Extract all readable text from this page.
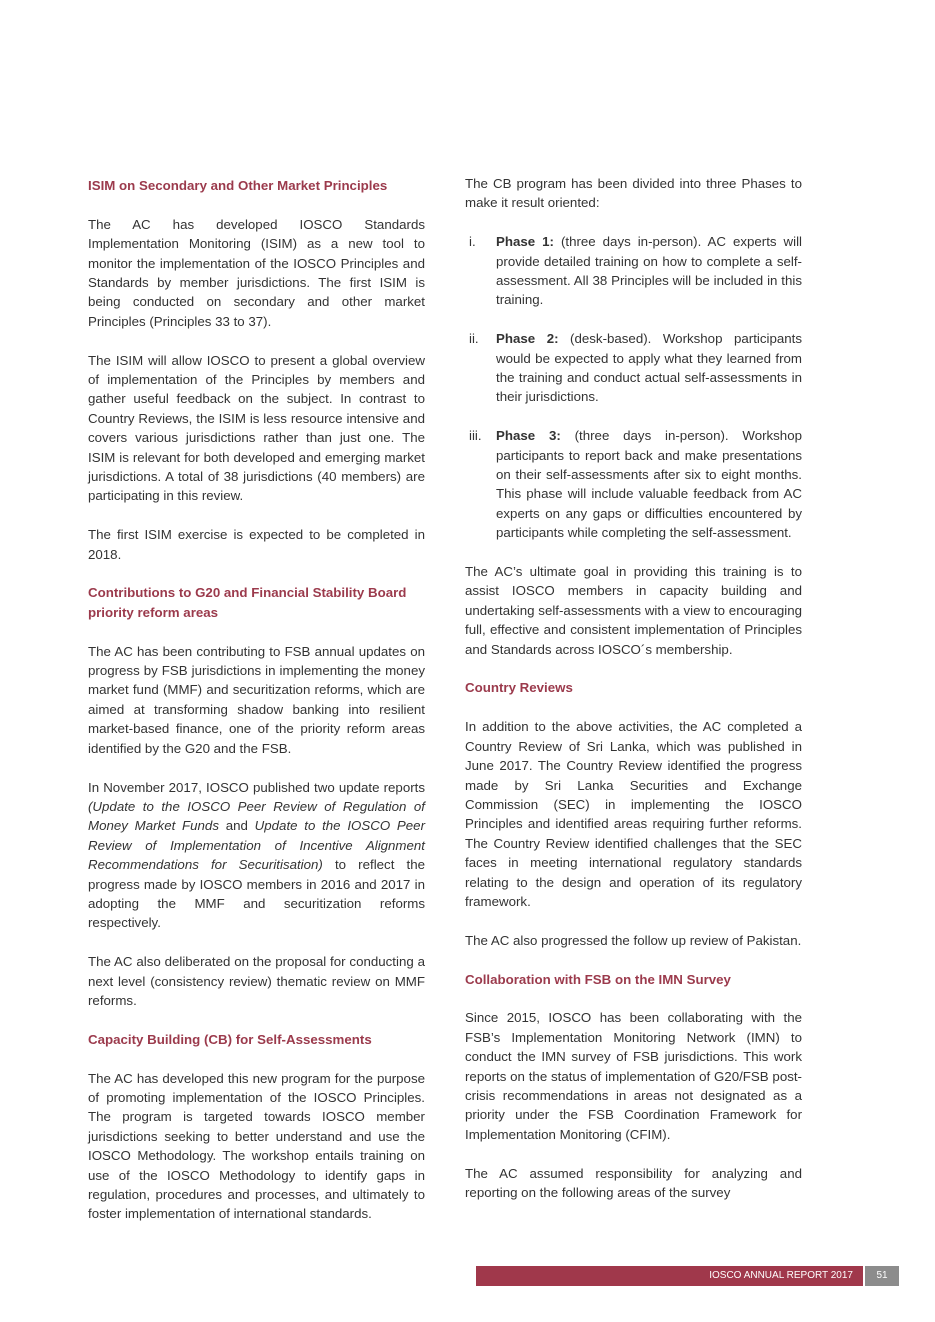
ISIM on Secondary and Other Market Principles

The AC has developed IOSCO Standards Implementation Monitoring (ISIM) as a new tool to monitor the implementation of the IOSCO Principles and Standards by member jurisdictions. The first ISIM is being conducted on secondary and other market Principles (Principles 33 to 37).

The ISIM will allow IOSCO to present a global overview of implementation of the Principles by members and gather useful feedback on the subject. In contrast to Country Reviews, the ISIM is less resource intensive and covers various jurisdictions rather than just one. The ISIM is relevant for both developed and emerging market jurisdictions. A total of 38 jurisdictions (40 members) are participating in this review.

The first ISIM exercise is expected to be completed in 2018.

Contributions to G20 and Financial Stability Board priority reform areas

The AC has been contributing to FSB annual updates on progress by FSB jurisdictions in implementing the money market fund (MMF) and securitization reforms, which are aimed at transforming shadow banking into resilient market-based finance, one of the priority reform areas identified by the G20 and the FSB.

In November 2017, IOSCO published two update reports (Update to the IOSCO Peer Review of Regulation of Money Market Funds and Update to the IOSCO Peer Review of Implementation of Incentive Alignment Recommendations for Securitisation) to reflect the progress made by IOSCO members in 2016 and 2017 in adopting the MMF and securitization reforms respectively.

The AC also deliberated on the proposal for conducting a next level (consistency review) thematic review on MMF reforms.

Capacity Building (CB) for Self-Assessments

The AC has developed this new program for the purpose of promoting implementation of the IOSCO Principles. The program is targeted towards IOSCO member jurisdictions seeking to better understand and use the IOSCO Methodology. The workshop entails training on use of the IOSCO Methodology to identify gaps in regulation, procedures and processes, and ultimately to foster implementation of international standards.

The CB program has been divided into three Phases to make it result oriented:

i. Phase 1: (three days in-person). AC experts will provide detailed training on how to complete a self-assessment. All 38 Principles will be included in this training.
ii. Phase 2: (desk-based). Workshop participants would be expected to apply what they learned from the training and conduct actual self-assessments in their jurisdictions.
iii. Phase 3: (three days in-person). Workshop participants to report back and make presentations on their self-assessments after six to eight months. This phase will include valuable feedback from AC experts on any gaps or difficulties encountered by participants while completing the self-assessment.

The AC’s ultimate goal in providing this training is to assist IOSCO members in capacity building and undertaking self-assessments with a view to encouraging full, effective and consistent implementation of Principles and Standards across IOSCO´s membership.

Country Reviews

In addition to the above activities, the AC completed a Country Review of Sri Lanka, which was published in June 2017. The Country Review identified the progress made by Sri Lanka Securities and Exchange Commission (SEC) in implementing the IOSCO Principles and identified areas requiring further reforms. The Country Review identified challenges that the SEC faces in meeting international regulatory standards relating to the design and operation of its regulatory framework.

The AC also progressed the follow up review of Pakistan.

Collaboration with FSB on the IMN Survey

Since 2015, IOSCO has been collaborating with the FSB’s Implementation Monitoring Network (IMN) to conduct the IMN survey of FSB jurisdictions. This work reports on the status of implementation of G20/FSB post-crisis recommendations in areas not designated as a priority under the FSB Coordination Framework for Implementation Monitoring (CFIM).

The AC assumed responsibility for analyzing and reporting on the following areas of the survey

IOSCO ANNUAL REPORT 2017	51
